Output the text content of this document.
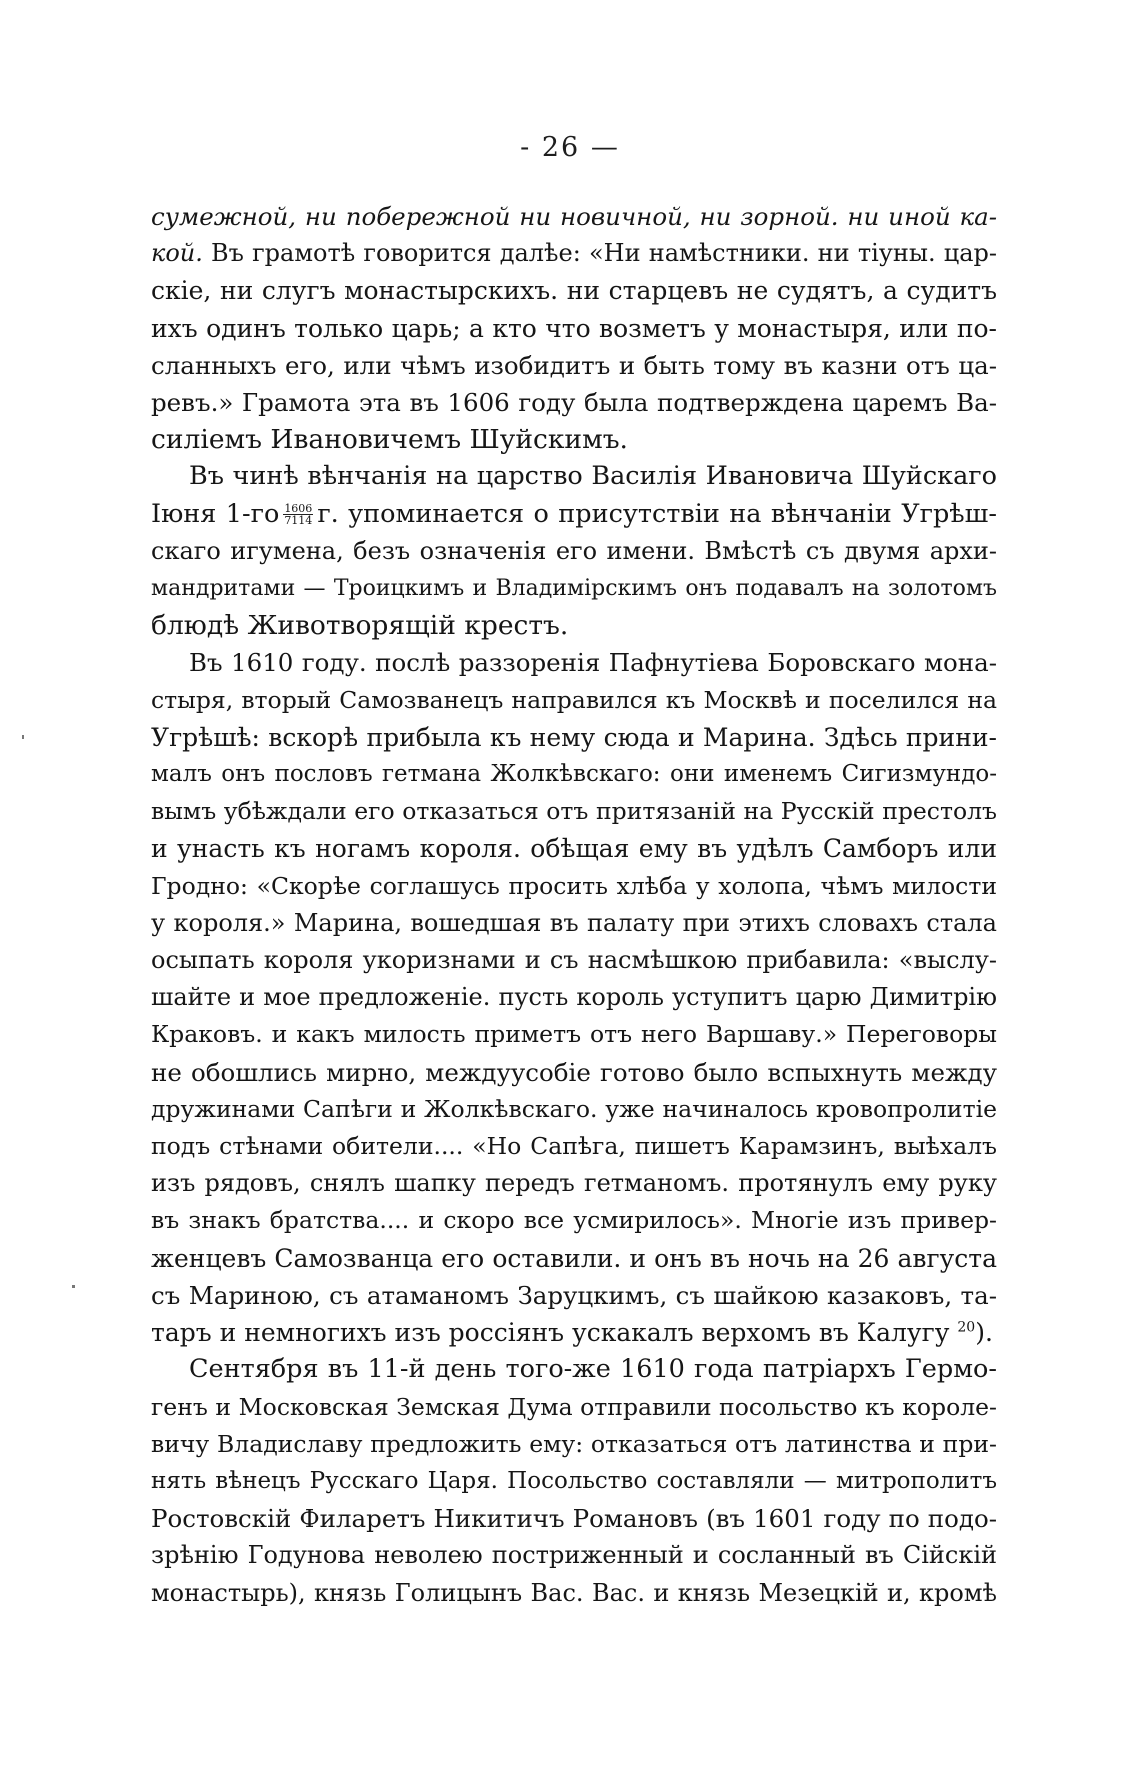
- 26 —
сумежной, ни побережной ни новичной, ни зорной. ни иной ка-
кой. Въ грамотѣ говорится далѣе: «Ни намѣстники. ни тіуны. цар-
скіе, ни слугъ монастырскихъ. ни старцевъ не судятъ, а судитъ
ихъ одинъ только царь; а кто что возметъ у монастыря, или по-
сланныхъ его, или чѣмъ изобидитъ и быть тому въ казни отъ ца-
ревъ.» Грамота эта въ 1606 году была подтверждена царемъ Ва-
силіемъ Ивановичемъ Шуйскимъ.
Въ чинѣ вѣнчанія на царство Василія Ивановича Шуйскаго
Іюня $1-го \frac{1606}{7114} г$. упоминается о присутствіи на вѣнчаніи Угрѣш-
скаго игумена, безъ означенія его имени. Вмѣстѣ съ двумя архи-
мандритами — Троицкимъ и Владимірскимъ онъ подавалъ на золотомъ
блюдѣ Животворящій крестъ.
Въ 1610 году. послѣ раззоренія Пафнутіева Боровскаго мона-
стыря, вторый Самозванецъ направился къ Москвѣ и поселился на
Угрѣшѣ: вскорѣ прибыла къ нему сюда и Марина. Здѣсь прини-
малъ онъ пословъ гетмана Жолкѣвскаго: они именемъ Сигизмундо-
вымъ убѣждали его отказаться отъ притязаній на Русскій престолъ
и унасть къ ногамъ короля. обѣщая ему въ удѣлъ Самборъ или
Гродно: «Скорѣе соглашусь просить хлѣба у холопа, чѣмъ милости
у короля.» Марина, вошедшая въ палату при этихъ словахъ стала
осыпать короля укоризнами и съ насмѣшкою прибавила: «выслу-
шайте и мое предложеніе. пусть король уступитъ царю Димитрію
Краковъ. и какъ милость приметъ отъ него Варшаву.» Переговоры
не обошлись мирно, междуусобіе готово было вспыхнуть между
дружинами Сапѣги и Жолкѣвскаго. уже начиналось кровопролитіе
подъ стѣнами обители.... «Но Сапѣга, пишетъ Карамзинъ, выѣхалъ
изъ рядовъ, снялъ шапку передъ гетманомъ. протянулъ ему руку
въ знакъ братства.... и скоро все усмирилось». Многіе изъ привер-
женцевъ Самозванца его оставили. и онъ въ ночь на 26 августа
съ Мариною, съ атаманомъ Заруцкимъ, съ шайкою казаковъ, та-
таръ и немногихъ изъ россіянъ ускакалъ верхомъ въ Калугу $^{20}$).
Сентября въ 11-й день того-же 1610 года патріархъ Гермо-
генъ и Московская Земская Дума отправили посольство къ короле-
вичу Владиславу предложить ему: отказаться отъ латинства и при-
нять вѣнецъ Русскаго Царя. Посольство составляли — митрополитъ
Ростовскій Филаретъ Никитичъ Романовъ (въ 1601 году по подо-
зрѣнію Годунова неволею постриженный и сосланный въ Сійскій
монастырь), князь Голицынъ Вас. Вас. и князь Мезецкій и, кромѣ
